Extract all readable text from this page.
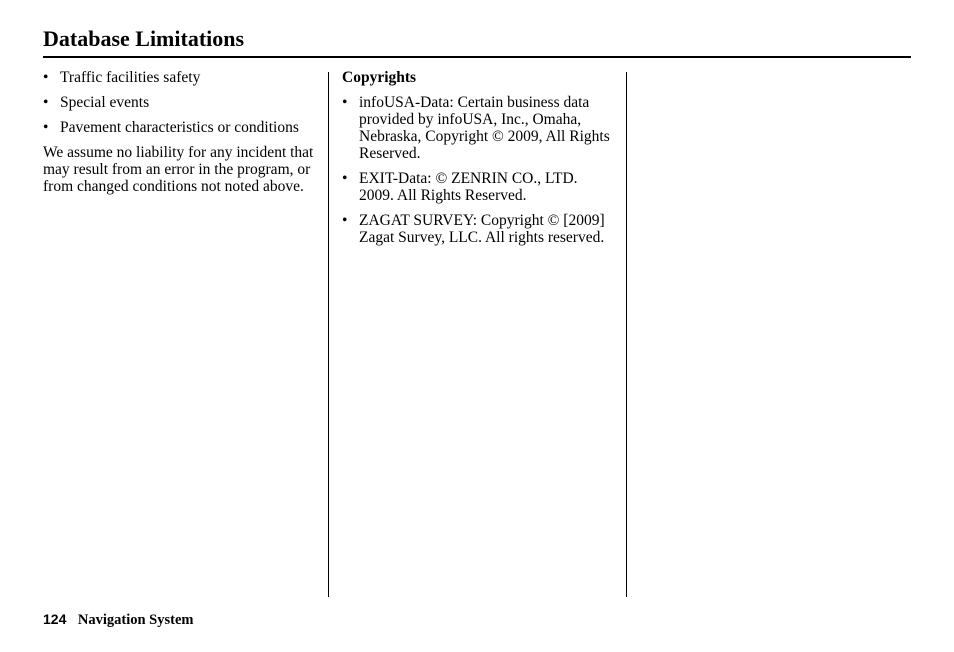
Database Limitations
• Traffic facilities safety
• Special events
• Pavement characteristics or conditions

We assume no liability for any incident that may result from an error in the program, or from changed conditions not noted above.

Copyrights
• infoUSA-Data: Certain business data provided by infoUSA, Inc., Omaha, Nebraska, Copyright © 2009, All Rights Reserved.
• EXIT-Data: © ZENRIN CO., LTD. 2009. All Rights Reserved.
• ZAGAT SURVEY: Copyright © [2009] Zagat Survey, LLC. All rights reserved.
124 Navigation System
